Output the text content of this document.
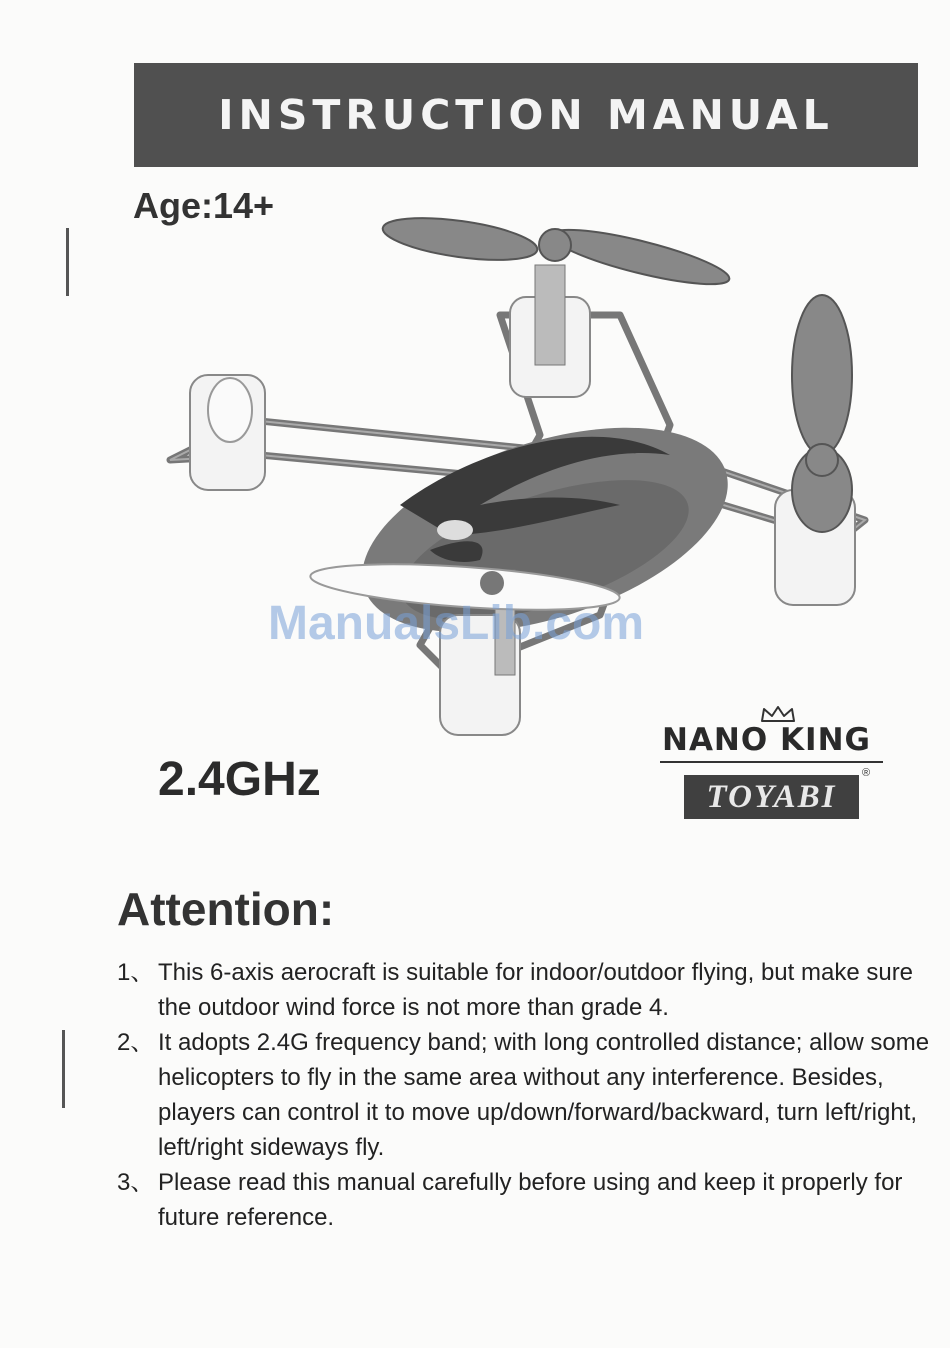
INSTRUCTION MANUAL
Age:14+
2.4GHz
ManualsLib.com
NANO KING
TOYABI
®
Attention:
1、 This 6-axis aerocraft is suitable for indoor/outdoor flying, but make sure the outdoor wind force is not more than grade 4.
2、 It adopts 2.4G frequency band; with long controlled distance; allow some helicopters to fly in the same area without any interference. Besides, players can control it to move up/down/forward/backward, turn left/right, left/right sideways fly.
3、 Please read this manual carefully before using and keep it properly for future reference.
